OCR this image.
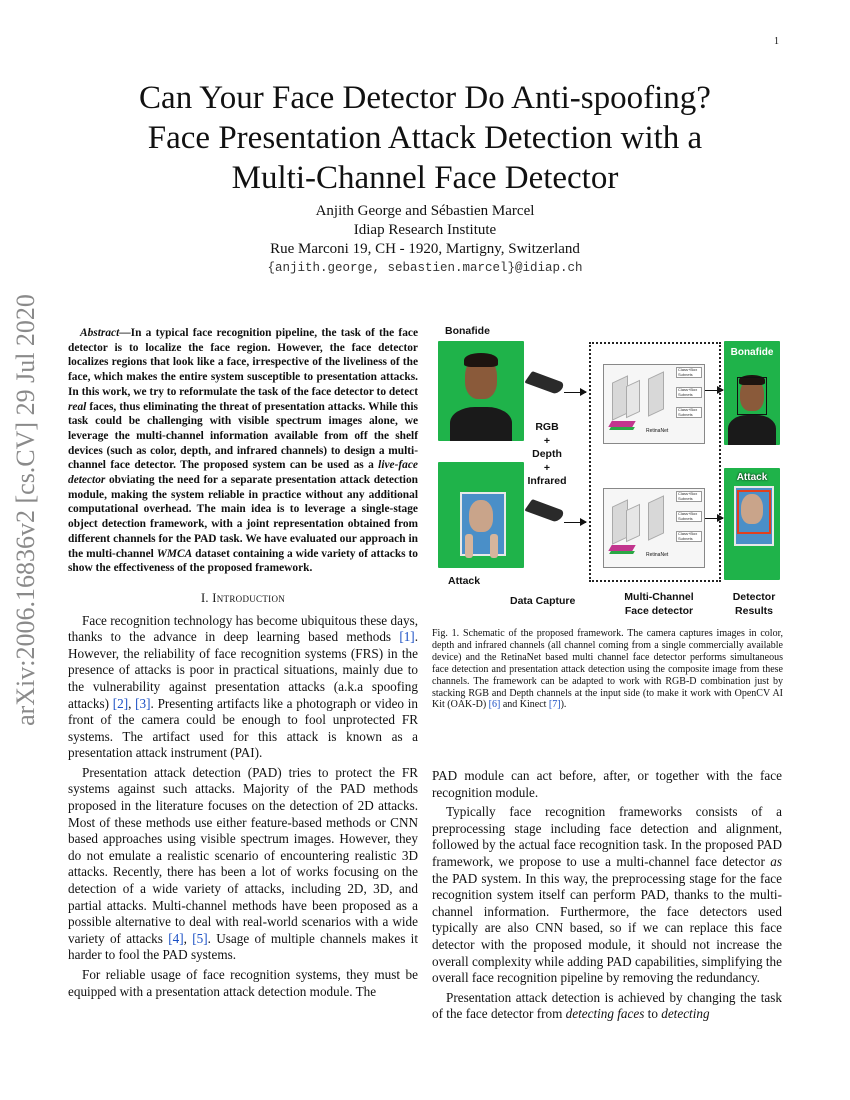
1
arXiv:2006.16836v2 [cs.CV] 29 Jul 2020
Can Your Face Detector Do Anti-spoofing?
Face Presentation Attack Detection with a
Multi-Channel Face Detector
Anjith George and Sébastien Marcel
Idiap Research Institute
Rue Marconi 19, CH - 1920, Martigny, Switzerland
{anjith.george, sebastien.marcel}@idiap.ch

Abstract—In a typical face recognition pipeline, the task of the face detector is to localize the face region. However, the face detector localizes regions that look like a face, irrespective of the liveliness of the face, which makes the entire system susceptible to presentation attacks. In this work, we try to reformulate the task of the face detector to detect real faces, thus eliminating the threat of presentation attacks. While this task could be challenging with visible spectrum images alone, we leverage the multi-channel information available from off the shelf devices (such as color, depth, and infrared channels) to design a multi-channel face detector. The proposed system can be used as a live-face detector obviating the need for a separate presentation attack detection module, making the system reliable in practice without any additional computational overhead. The main idea is to leverage a single-stage object detection framework, with a joint representation obtained from different channels for the PAD task. We have evaluated our approach in the multi-channel WMCA dataset containing a wide variety of attacks to show the effectiveness of the proposed framework.

I. Introduction

Face recognition technology has become ubiquitous these days, thanks to the advance in deep learning based methods [1]. However, the reliability of face recognition systems (FRS) in the presence of attacks is poor in practical situations, mainly due to the vulnerability against presentation attacks (a.k.a spoofing attacks) [2], [3]. Presenting artifacts like a photograph or video in front of the camera could be enough to fool unprotected FR systems. The artifact used for this attack is known as a presentation attack instrument (PAI).

Presentation attack detection (PAD) tries to protect the FR systems against such attacks. Majority of the PAD methods proposed in the literature focuses on the detection of 2D attacks. Most of these methods use either feature-based methods or CNN based approaches using visible spectrum images. However, they do not emulate a realistic scenario of encountering realistic 3D attacks. Recently, there has been a lot of works focusing on the detection of a wide variety of attacks, including 2D, 3D, and partial attacks. Multi-channel methods have been proposed as a possible alternative to deal with real-world scenarios with a wide variety of attacks [4], [5]. Usage of multiple channels makes it harder to fool the PAD systems.

For reliable usage of face recognition systems, they must be equipped with a presentation attack detection module. The

Bonafide
Attack
RGB
+
Depth
+
Infrared
Class+Box Subnets
Class+Box Subnets
Class+Box Subnets
RetinaNet
Class+Box Subnets
Class+Box Subnets
Class+Box Subnets
RetinaNet
Bonafide
Attack
Data Capture	Multi-Channel
Face detector
Detector
Results
Fig. 1. Schematic of the proposed framework. The camera captures images in color, depth and infrared channels (all channel coming from a single commercially available device) and the RetinaNet based multi channel face detector performs simultaneous face detection and presentation attack detection using the composite image from these channels. The framework can be adapted to work with RGB-D combination just by stacking RGB and Depth channels at the input side (to make it work with OpenCV AI Kit (OAK-D) [6] and Kinect [7]).

PAD module can act before, after, or together with the face recognition module.

Typically face recognition frameworks consists of a preprocessing stage including face detection and alignment, followed by the actual face recognition task. In the proposed PAD framework, we propose to use a multi-channel face detector as the PAD system. In this way, the preprocessing stage for the face recognition system itself can perform PAD, thanks to the multi-channel information. Furthermore, the face detectors used typically are also CNN based, so if we can replace this face detector with the proposed module, it should not increase the overall complexity while adding PAD capabilities, simplifying the overall face recognition pipeline by removing the redundancy.

Presentation attack detection is achieved by changing the task of the face detector from detecting faces to detecting
